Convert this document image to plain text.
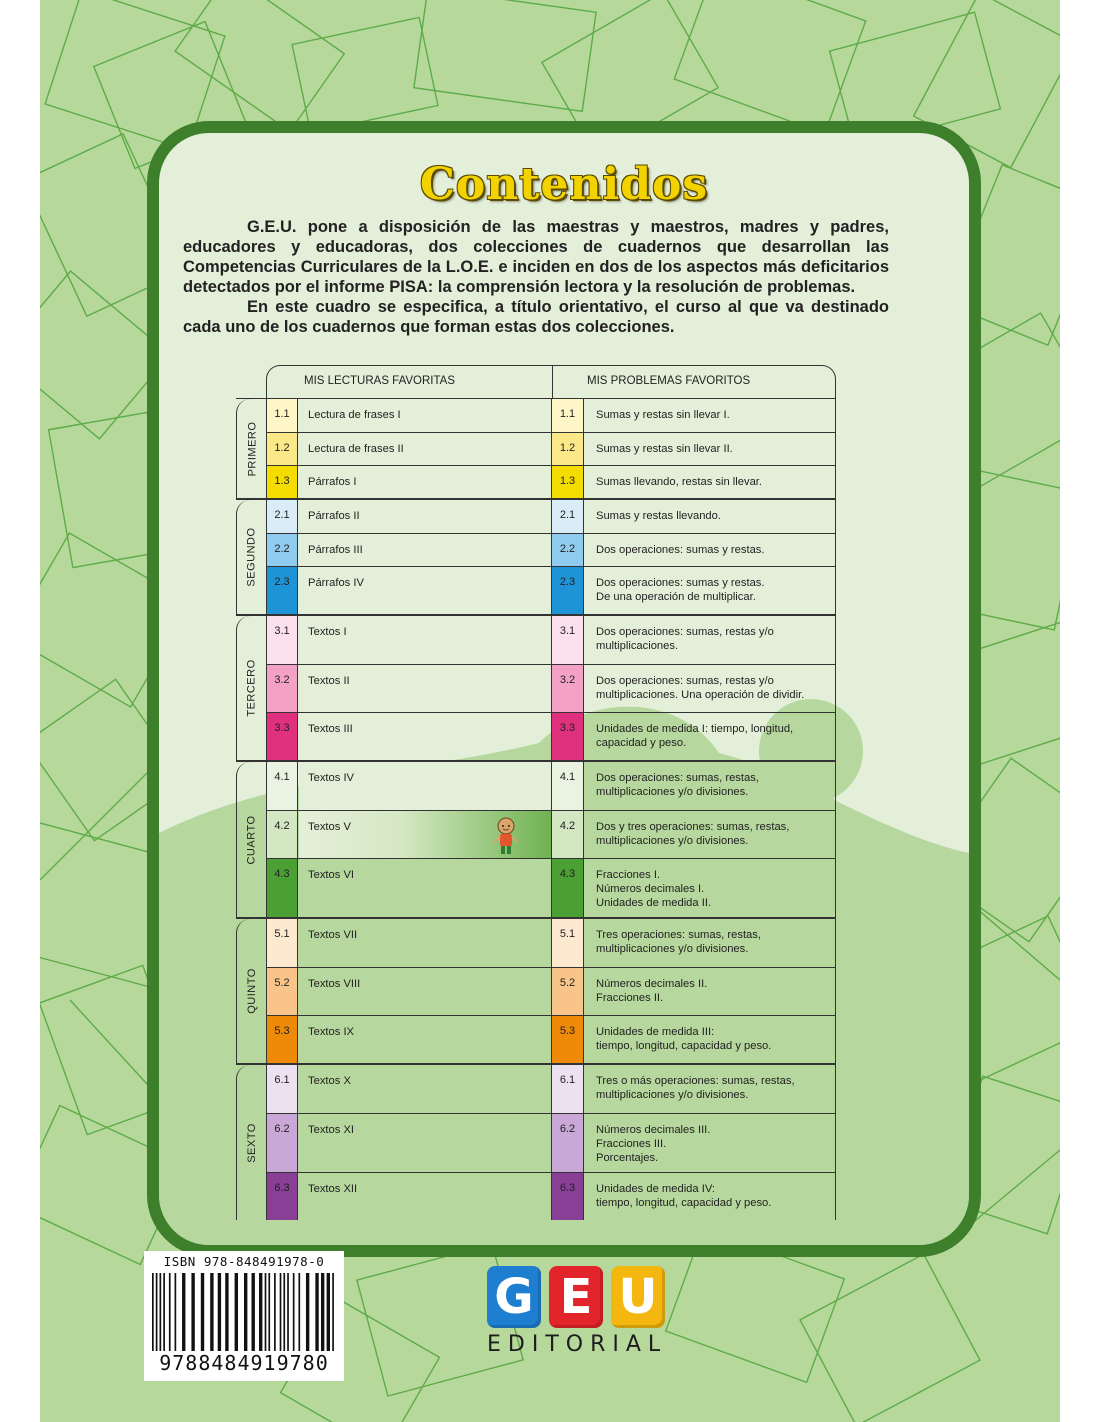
Contenidos

G.E.U. pone a disposición de las maestras y maestros, madres y padres, educadores y educadoras, dos colecciones de cuadernos que desarrollan las Competencias Curriculares de la L.O.E. e inciden en dos de los aspectos más deficitarios detectados por el informe PISA: la comprensión lectora y la resolución de problemas.

En este cuadro se especifica, a título orientativo, el curso al que va destinado cada uno de los cuadernos que forman estas dos colecciones.

MIS LECTURAS FAVORITAS	MIS PROBLEMAS FAVORITOS
PRIMERO
1.1	Lectura de frases I	1.1	Sumas y restas sin llevar I.
1.2	Lectura de frases II	1.2	Sumas y restas sin llevar II.
1.3	Párrafos I	1.3	Sumas llevando, restas sin llevar.
SEGUNDO
2.1	Párrafos II	2.1	Sumas y restas llevando.
2.2	Párrafos III	2.2	Dos operaciones: sumas y restas.
2.3	Párrafos IV	2.3	Dos operaciones: sumas y restas.
De una operación de multiplicar.
TERCERO
3.1	Textos I	3.1	Dos operaciones: sumas, restas y/o
multiplicaciones.
3.2	Textos II	3.2	Dos operaciones: sumas, restas y/o
multiplicaciones. Una operación de dividir.
3.3	Textos III	3.3	Unidades de medida I: tiempo, longitud,
capacidad y peso.
CUARTO
4.1	Textos IV	4.1	Dos operaciones: sumas, restas,
multiplicaciones y/o divisiones.
4.2	Textos V	4.2	Dos y tres operaciones: sumas, restas,
multiplicaciones y/o divisiones.
4.3	Textos VI	4.3	Fracciones I.
Números decimales I.
Unidades de medida II.
QUINTO
5.1	Textos VII	5.1	Tres operaciones: sumas, restas,
multiplicaciones y/o divisiones.
5.2	Textos VIII	5.2	Números decimales II.
Fracciones II.
5.3	Textos IX	5.3	Unidades de medida III:
tiempo, longitud, capacidad y peso.
SEXTO
6.1	Textos X	6.1	Tres o más operaciones: sumas, restas,
multiplicaciones y/o divisiones.
6.2	Textos XI	6.2	Números decimales III.
Fracciones III.
Porcentajes.
6.3	Textos XII	6.3	Unidades de medida IV:
tiempo, longitud, capacidad y peso.
ISBN 978-848491978-0
9788484919780
G E U
EDITORIAL
